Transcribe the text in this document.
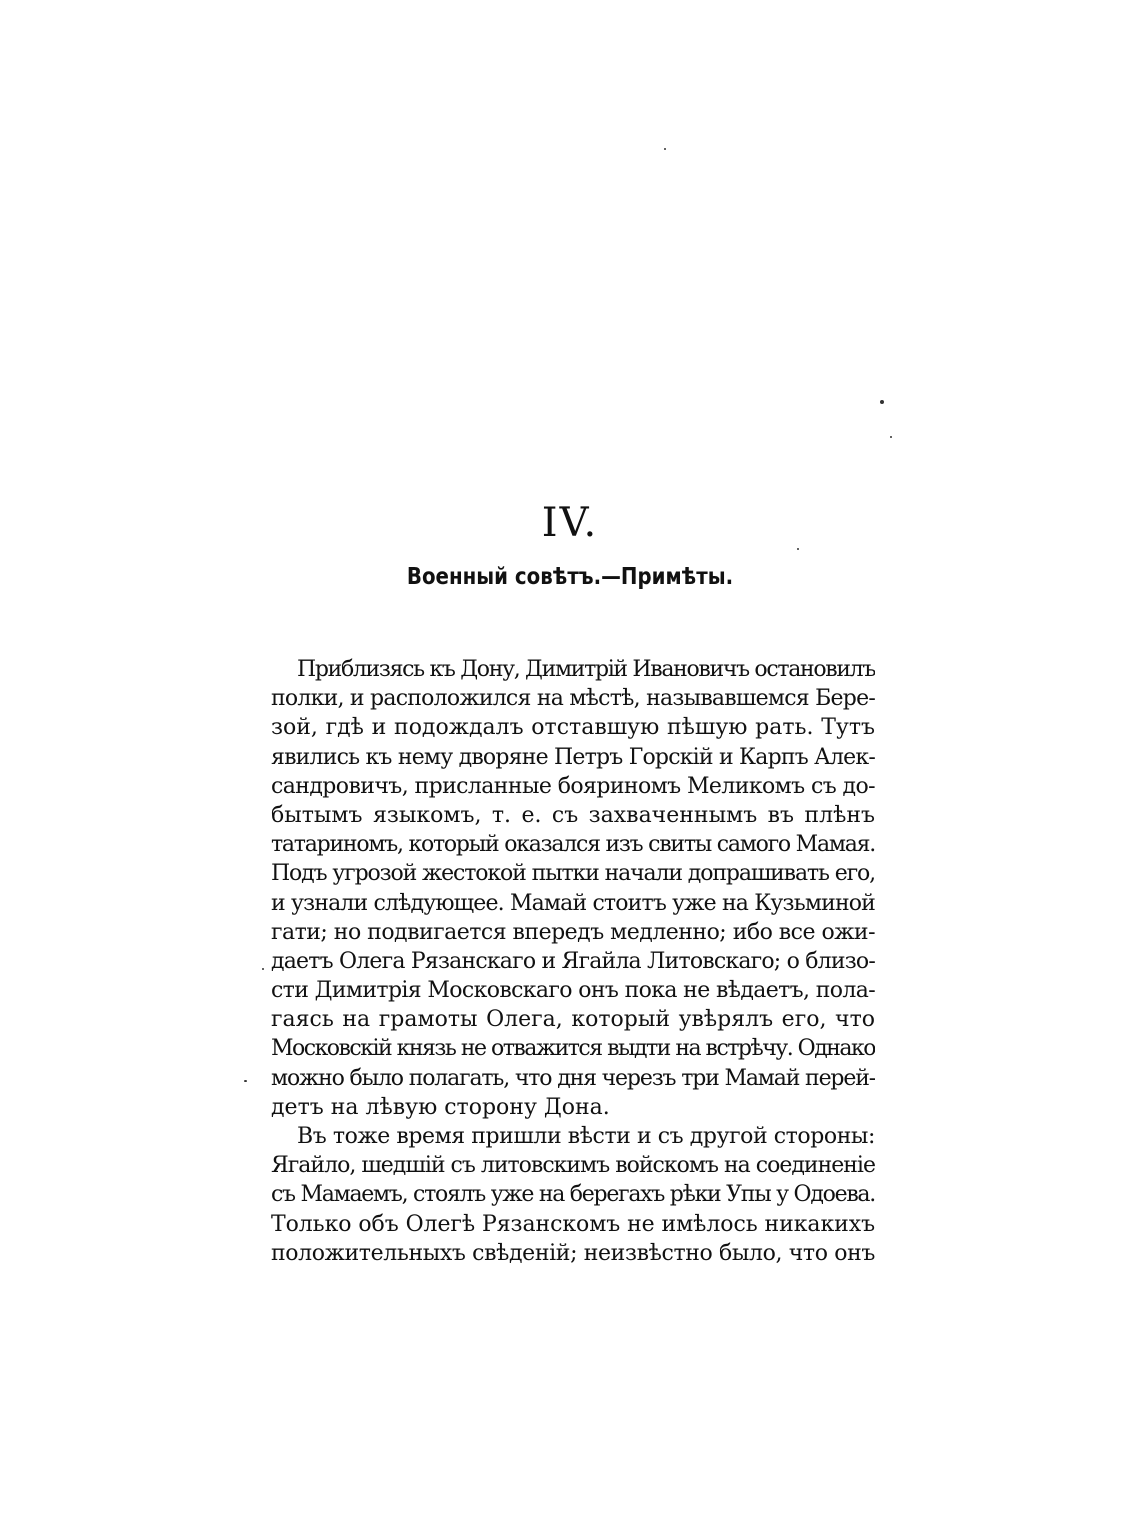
IV.
Военный совѣтъ.—Примѣты.
Приблизясь къ Дону, Димитрій Ивановичъ остановилъ
полки, и расположился на мѣстѣ, называвшемся Бере-
зой, гдѣ и подождалъ отставшую пѣшую рать. Тутъ
явились къ нему дворяне Петръ Горскій и Карпъ Алек-
сандровичъ, присланные бояриномъ Меликомъ съ до-
бытымъ языкомъ, т. е. съ захваченнымъ въ плѣнъ
татариномъ, который оказался изъ свиты самого Мамая.
Подъ угрозой жестокой пытки начали допрашивать его,
и узнали слѣдующее. Мамай стоитъ уже на Кузьминой
гати; но подвигается впередъ медленно; ибо все ожи-
даетъ Олега Рязанскаго и Ягайла Литовскаго; о близо-
сти Димитрія Московскаго онъ пока не вѣдаетъ, пола-
гаясь на грамоты Олега, который увѣрялъ его, что
Московскій князь не отважится выдти на встрѣчу. Однако
можно было полагать, что дня черезъ три Мамай перей-
детъ на лѣвую сторону Дона.
Въ тоже время пришли вѣсти и съ другой стороны:
Ягайло, шедшій съ литовскимъ войскомъ на соединеніе
съ Мамаемъ, стоялъ уже на берегахъ рѣки Упы у Одоева.
Только объ Олегѣ Рязанскомъ не имѣлось никакихъ
положительныхъ свѣденій; неизвѣстно было, что онъ
